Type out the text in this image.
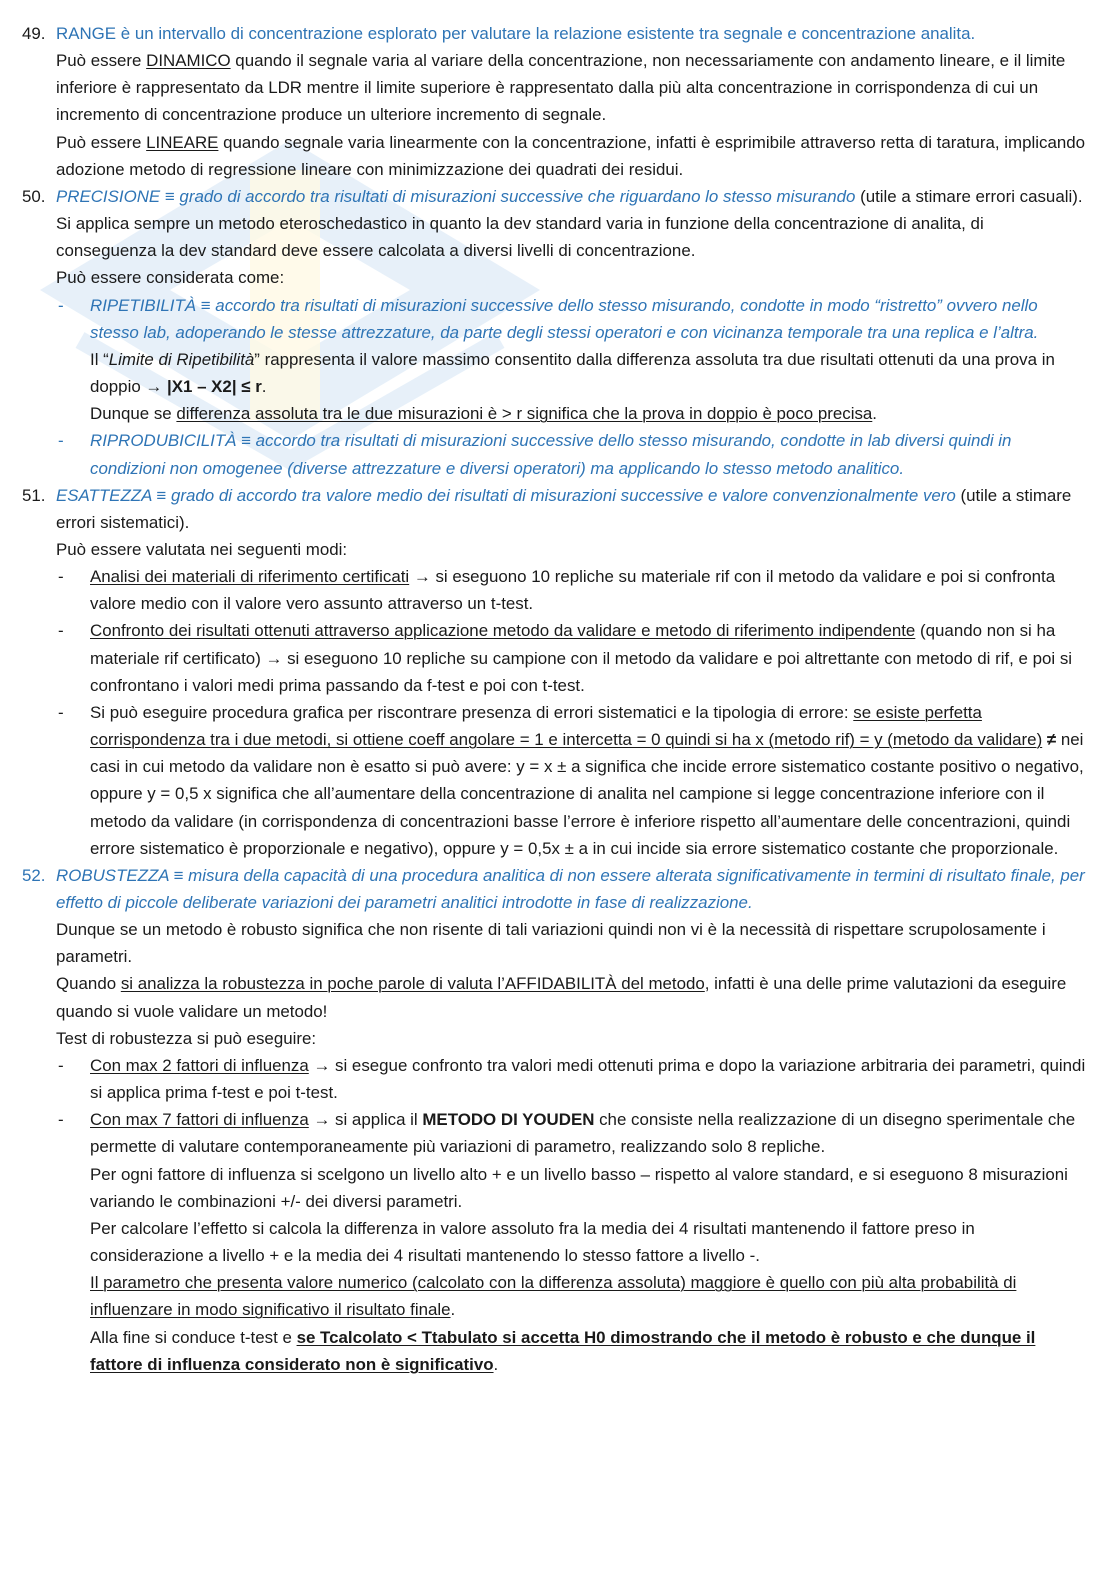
49. RANGE è un intervallo di concentrazione esplorato per valutare la relazione esistente tra segnale e concentrazione analita.

Può essere DINAMICO quando il segnale varia al variare della concentrazione, non necessariamente con andamento lineare, e il limite inferiore è rappresentato da LDR mentre il limite superiore è rappresentato dalla più alta concentrazione in corrispondenza di cui un incremento di concentrazione produce un ulteriore incremento di segnale.

Può essere LINEARE quando segnale varia linearmente con la concentrazione, infatti è esprimibile attraverso retta di taratura, implicando adozione metodo di regressione lineare con minimizzazione dei quadrati dei residui.

50. PRECISIONE ≡ grado di accordo tra risultati di misurazioni successive che riguardano lo stesso misurando (utile a stimare errori casuali).

Si applica sempre un metodo eteroschedastico in quanto la dev standard varia in funzione della concentrazione di analita, di conseguenza la dev standard deve essere calcolata a diversi livelli di concentrazione.

Può essere considerata come:

-	RIPETIBILITÀ ≡ accordo tra risultati di misurazioni successive dello stesso misurando, condotte in modo “ristretto” ovvero nello stesso lab, adoperando le stesse attrezzature, da parte degli stessi operatori e con vicinanza temporale tra una replica e l’altra.

Il “Limite di Ripetibilità” rappresenta il valore massimo consentito dalla differenza assoluta tra due risultati ottenuti da una prova in doppio → |X1 – X2| ≤ r.

Dunque se differenza assoluta tra le due misurazioni è > r significa che la prova in doppio è poco precisa.

-	RIPRODUBICILITÀ ≡ accordo tra risultati di misurazioni successive dello stesso misurando, condotte in lab diversi quindi in condizioni non omogenee (diverse attrezzature e diversi operatori) ma applicando lo stesso metodo analitico.

51. ESATTEZZA ≡ grado di accordo tra valore medio dei risultati di misurazioni successive e valore convenzionalmente vero (utile a stimare errori sistematici).

Può essere valutata nei seguenti modi:

-	Analisi dei materiali di riferimento certificati → si eseguono 10 repliche su materiale rif con il metodo da validare e poi si confronta valore medio con il valore vero assunto attraverso un t-test.

-	Confronto dei risultati ottenuti attraverso applicazione metodo da validare e metodo di riferimento indipendente (quando non si ha materiale rif certificato) → si eseguono 10 repliche su campione con il metodo da validare e poi altrettante con metodo di rif, e poi si confrontano i valori medi prima passando da f-test e poi con t-test.

-	Si può eseguire procedura grafica per riscontrare presenza di errori sistematici e la tipologia di errore: se esiste perfetta corrispondenza tra i due metodi, si ottiene coeff angolare = 1 e intercetta = 0 quindi si ha x (metodo rif) = y (metodo da validare) ≠ nei casi in cui metodo da validare non è esatto si può avere: y = x ± a significa che incide errore sistematico costante positivo o negativo, oppure y = 0,5 x significa che all’aumentare della concentrazione di analita nel campione si legge concentrazione inferiore con il metodo da validare (in corrispondenza di concentrazioni basse l’errore è inferiore rispetto all’aumentare delle concentrazioni, quindi errore sistematico è proporzionale e negativo), oppure y = 0,5x ± a in cui incide sia errore sistematico costante che proporzionale.

52. ROBUSTEZZA ≡ misura della capacità di una procedura analitica di non essere alterata significativamente in termini di risultato finale, per effetto di piccole deliberate variazioni dei parametri analitici introdotte in fase di realizzazione.

Dunque se un metodo è robusto significa che non risente di tali variazioni quindi non vi è la necessità di rispettare scrupolosamente i parametri.

Quando si analizza la robustezza in poche parole di valuta l’AFFIDABILITÀ del metodo, infatti è una delle prime valutazioni da eseguire quando si vuole validare un metodo!

Test di robustezza si può eseguire:

-	Con max 2 fattori di influenza → si esegue confronto tra valori medi ottenuti prima e dopo la variazione arbitraria dei parametri, quindi si applica prima f-test e poi t-test.

-	Con max 7 fattori di influenza → si applica il METODO DI YOUDEN che consiste nella realizzazione di un disegno sperimentale che permette di valutare contemporaneamente più variazioni di parametro, realizzando solo 8 repliche.

Per ogni fattore di influenza si scelgono un livello alto + e un livello basso – rispetto al valore standard, e si eseguono 8 misurazioni variando le combinazioni +/- dei diversi parametri.

Per calcolare l’effetto si calcola la differenza in valore assoluto fra la media dei 4 risultati mantenendo il fattore preso in considerazione a livello + e la media dei 4 risultati mantenendo lo stesso fattore a livello -.

Il parametro che presenta valore numerico (calcolato con la differenza assoluta) maggiore è quello con più alta probabilità di influenzare in modo significativo il risultato finale.

Alla fine si conduce t-test e se Tcalcolato < Ttabulato si accetta H0 dimostrando che il metodo è robusto e che dunque il fattore di influenza considerato non è significativo.
